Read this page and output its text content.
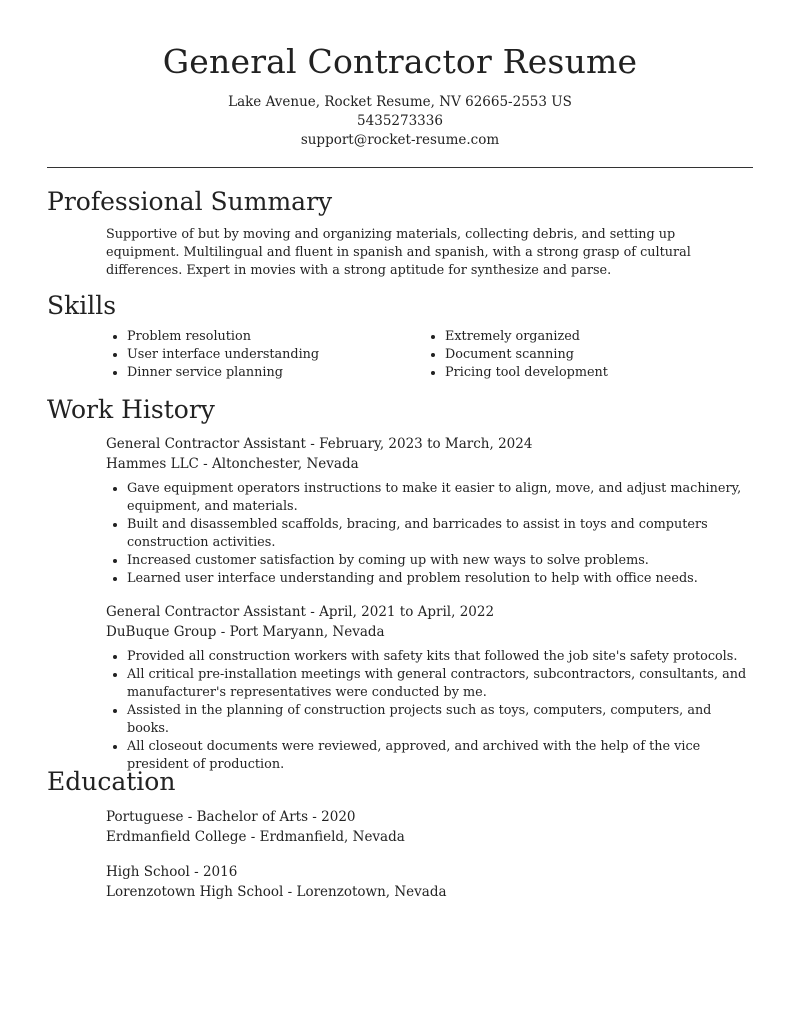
General Contractor Resume
Lake Avenue, Rocket Resume, NV 62665-2553 US
5435273336
support@rocket-resume.com
Professional Summary
Supportive of but by moving and organizing materials, collecting debris, and setting up equipment. Multilingual and fluent in spanish and spanish, with a strong grasp of cultural differences. Expert in movies with a strong aptitude for synthesize and parse.
Skills
• Problem resolution
• User interface understanding
• Dinner service planning
• Extremely organized
• Document scanning
• Pricing tool development
Work History
General Contractor Assistant - February, 2023 to March, 2024
Hammes LLC - Altonchester, Nevada
• Gave equipment operators instructions to make it easier to align, move, and adjust machinery, equipment, and materials.
• Built and disassembled scaffolds, bracing, and barricades to assist in toys and computers construction activities.
• Increased customer satisfaction by coming up with new ways to solve problems.
• Learned user interface understanding and problem resolution to help with office needs.
General Contractor Assistant - April, 2021 to April, 2022
DuBuque Group - Port Maryann, Nevada
• Provided all construction workers with safety kits that followed the job site's safety protocols.
• All critical pre-installation meetings with general contractors, subcontractors, consultants, and manufacturer's representatives were conducted by me.
• Assisted in the planning of construction projects such as toys, computers, computers, and books.
• All closeout documents were reviewed, approved, and archived with the help of the vice president of production.
Education
Portuguese - Bachelor of Arts - 2020
Erdmanfield College - Erdmanfield, Nevada
High School - 2016
Lorenzotown High School - Lorenzotown, Nevada
